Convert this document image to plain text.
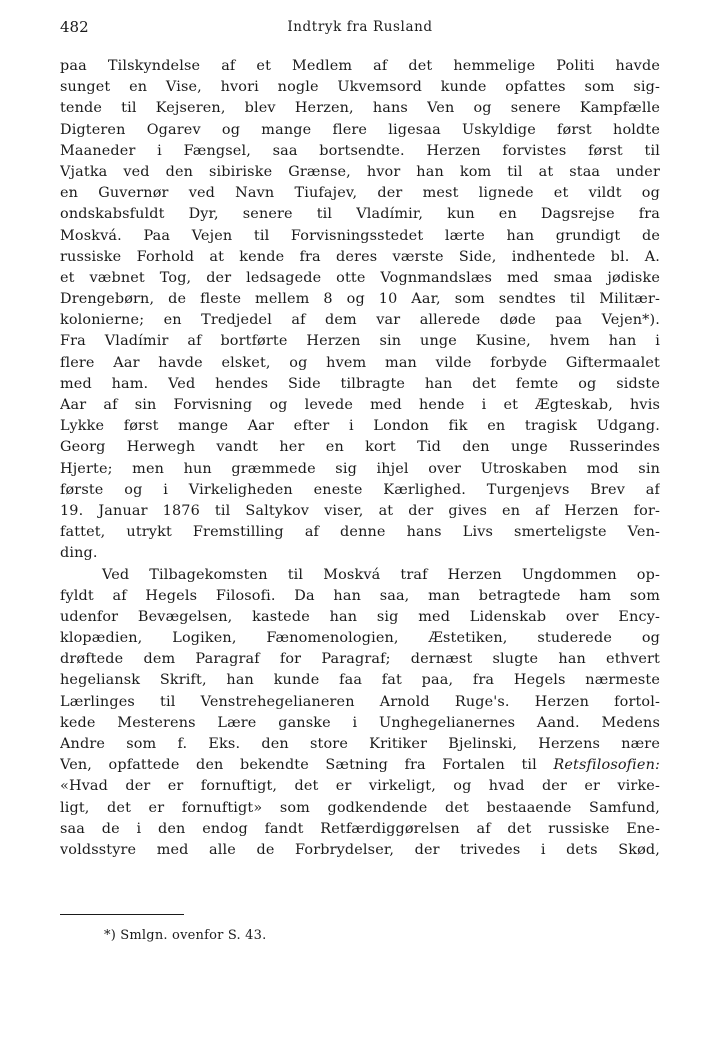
482	Indtryk fra Rusland
paa Tilskyndelse af et Medlem af det hemmelige Politi havde
sunget en Vise, hvori nogle Ukvemsord kunde opfattes som sig-
tende til Kejseren, blev Herzen, hans Ven og senere Kampfælle
Digteren Ogarev og mange flere ligesaa Uskyldige først holdte
Maaneder i Fængsel, saa bortsendte. Herzen forvistes først til
Vjatka ved den sibiriske Grænse, hvor han kom til at staa under
en Guvernør ved Navn Tiufajev, der mest lignede et vildt og
ondskabsfuldt Dyr, senere til Vladímir, kun en Dagsrejse fra
Moskvá. Paa Vejen til Forvisningsstedet lærte han grundigt de
russiske Forhold at kende fra deres værste Side, indhentede bl. A.
et væbnet Tog, der ledsagede otte Vognmandslæs med smaa jødiske
Drengebørn, de fleste mellem 8 og 10 Aar, som sendtes til Militær-
kolonierne; en Tredjedel af dem var allerede døde paa Vejen*).
Fra Vladímir af bortførte Herzen sin unge Kusine, hvem han i
flere Aar havde elsket, og hvem man vilde forbyde Giftermaalet
med ham. Ved hendes Side tilbragte han det femte og sidste
Aar af sin Forvisning og levede med hende i et Ægteskab, hvis
Lykke først mange Aar efter i London fik en tragisk Udgang.
Georg Herwegh vandt her en kort Tid den unge Russerindes
Hjerte; men hun græmmede sig ihjel over Utroskaben mod sin
første og i Virkeligheden eneste Kærlighed. Turgenjevs Brev af
19. Januar 1876 til Saltykov viser, at der gives en af Herzen for-
fattet, utrykt Fremstilling af denne hans Livs smerteligste Ven-
ding.
Ved Tilbagekomsten til Moskvá traf Herzen Ungdommen op-
fyldt af Hegels Filosofi. Da han saa, man betragtede ham som
udenfor Bevægelsen, kastede han sig med Lidenskab over Ency-
klopædien, Logiken, Fænomenologien, Æstetiken, studerede og
drøftede dem Paragraf for Paragraf; dernæst slugte han ethvert
hegeliansk Skrift, han kunde faa fat paa, fra Hegels nærmeste
Lærlinges til Venstrehegelianeren Arnold Ruge's. Herzen fortol-
kede Mesterens Lære ganske i Unghegelianernes Aand. Medens
Andre som f. Eks. den store Kritiker Bjelinski, Herzens nære
Ven, opfattede den bekendte Sætning fra Fortalen til Retsfilosofien:
«Hvad der er fornuftigt, det er virkeligt, og hvad der er virke-
ligt, det er fornuftigt» som godkendende det bestaaende Samfund,
saa de i den endog fandt Retfærdiggørelsen af det russiske Ene-
voldsstyre med alle de Forbrydelser, der trivedes i dets Skød,
*) Smlgn. ovenfor S. 43.
